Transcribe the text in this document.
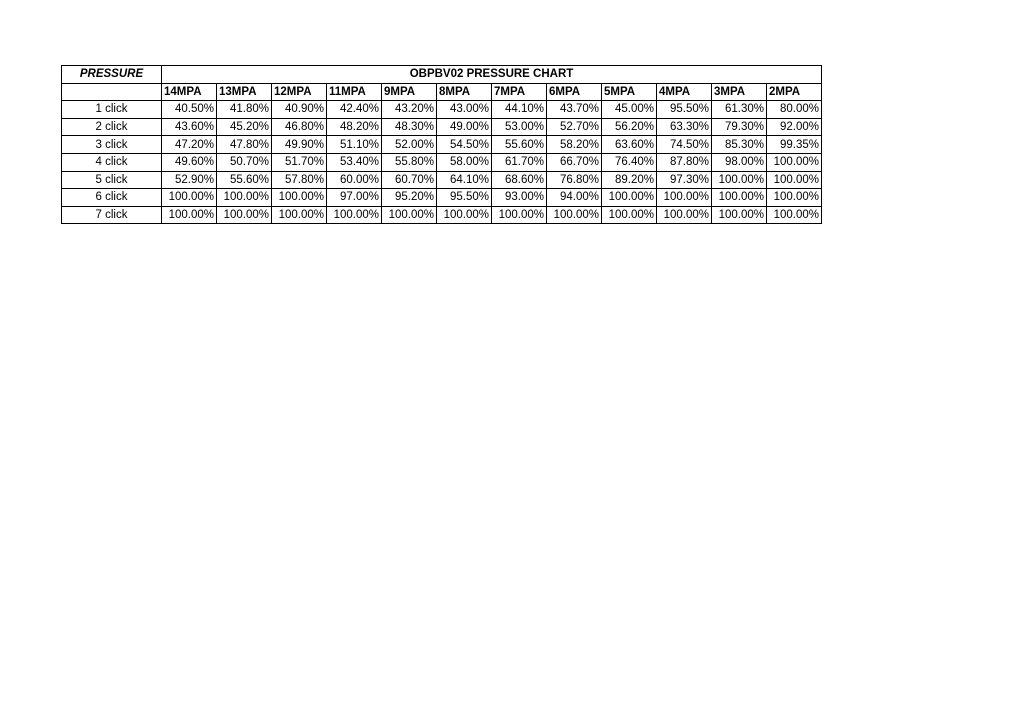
PRESSURE	OBPBV02 PRESSURE CHART											
	14MPA	13MPA	12MPA	11MPA	9MPA	8MPA	7MPA	6MPA	5MPA	4MPA	3MPA	2MPA
1 click	40.50%	41.80%	40.90%	42.40%	43.20%	43.00%	44.10%	43.70%	45.00%	95.50%	61.30%	80.00%
2 click	43.60%	45.20%	46.80%	48.20%	48.30%	49.00%	53.00%	52.70%	56.20%	63.30%	79.30%	92.00%
3 click	47.20%	47.80%	49.90%	51.10%	52.00%	54.50%	55.60%	58.20%	63.60%	74.50%	85.30%	99.35%
4 click	49.60%	50.70%	51.70%	53.40%	55.80%	58.00%	61.70%	66.70%	76.40%	87.80%	98.00%	100.00%
5 click	52.90%	55.60%	57.80%	60.00%	60.70%	64.10%	68.60%	76.80%	89.20%	97.30%	100.00%	100.00%
6 click	100.00%	100.00%	100.00%	97.00%	95.20%	95.50%	93.00%	94.00%	100.00%	100.00%	100.00%	100.00%
7 click	100.00%	100.00%	100.00%	100.00%	100.00%	100.00%	100.00%	100.00%	100.00%	100.00%	100.00%	100.00%
